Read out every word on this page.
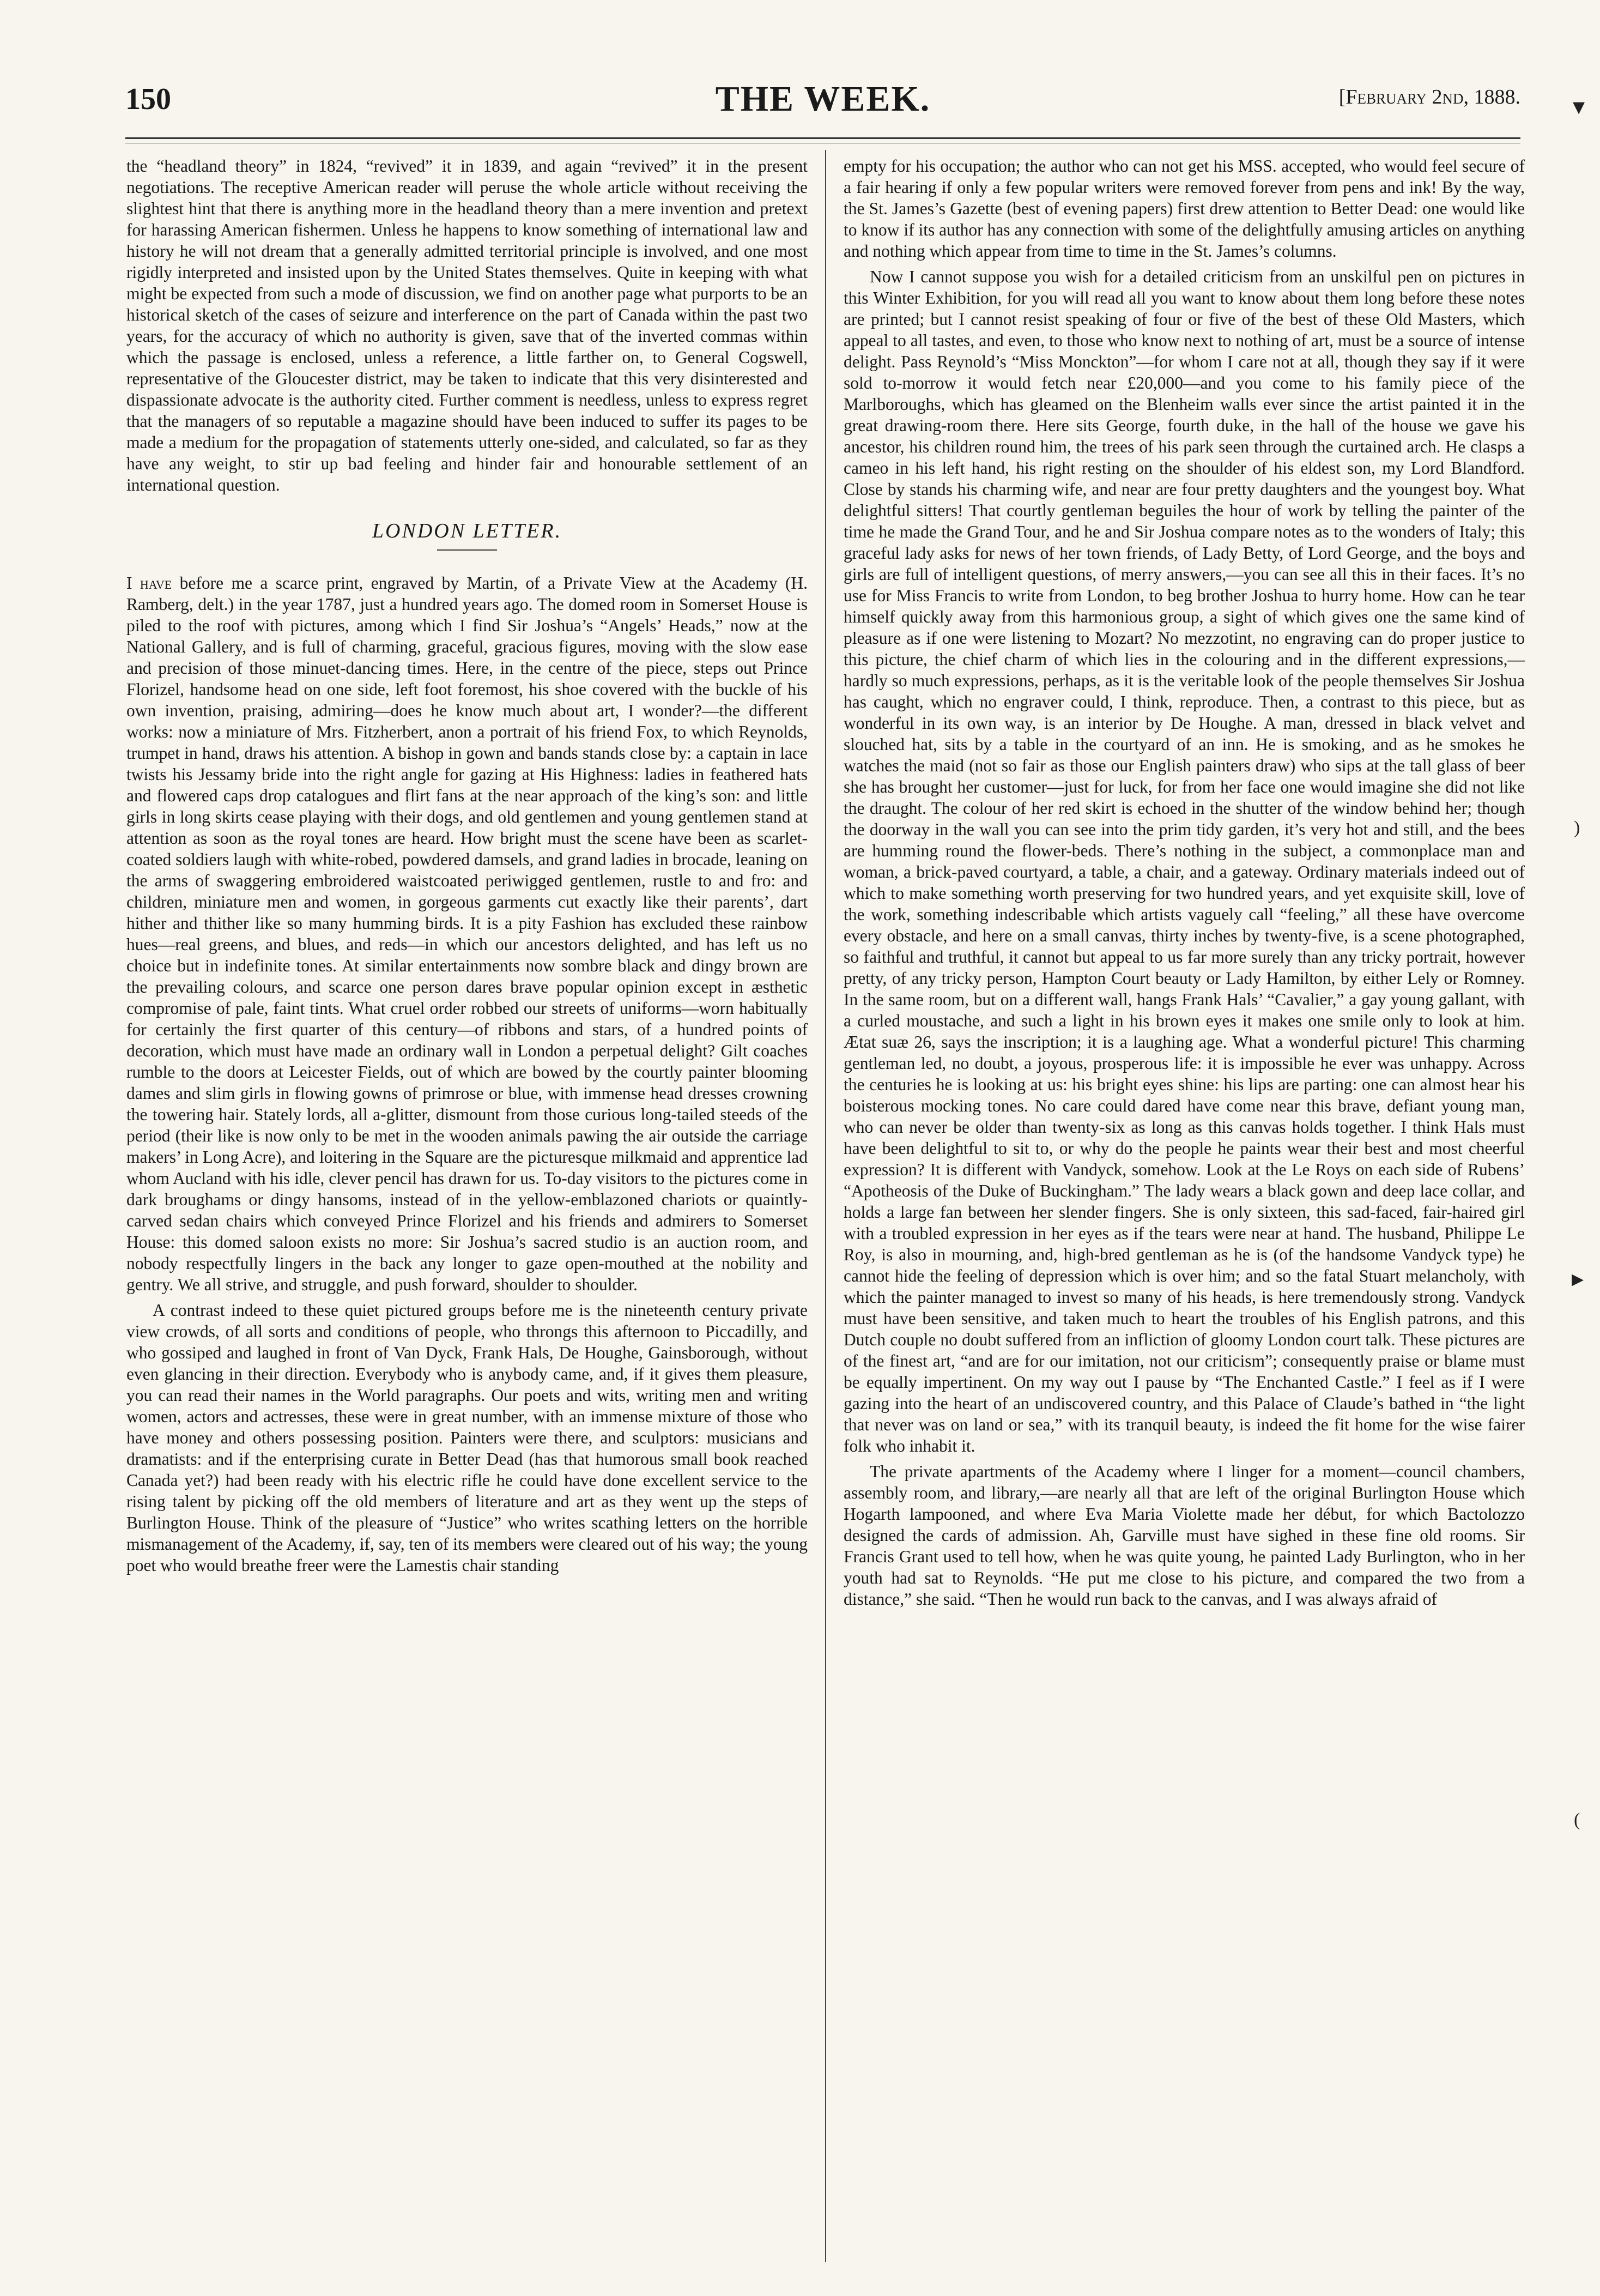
150	THE WEEK.	[February 2nd, 1888.

the “headland theory” in 1824, “revived” it in 1839, and again “revived” it in the present negotiations. The receptive American reader will peruse the whole article without receiving the slightest hint that there is anything more in the headland theory than a mere invention and pretext for harassing American fishermen. Unless he happens to know something of international law and history he will not dream that a generally admitted territorial principle is involved, and one most rigidly interpreted and insisted upon by the United States themselves. Quite in keeping with what might be expected from such a mode of discussion, we find on another page what purports to be an historical sketch of the cases of seizure and interference on the part of Canada within the past two years, for the accuracy of which no authority is given, save that of the inverted commas within which the passage is enclosed, unless a reference, a little farther on, to General Cogswell, representative of the Gloucester district, may be taken to indicate that this very disinterested and dispassionate advocate is the authority cited. Further comment is needless, unless to express regret that the managers of so reputable a magazine should have been induced to suffer its pages to be made a medium for the propagation of statements utterly one-sided, and calculated, so far as they have any weight, to stir up bad feeling and hinder fair and honourable settlement of an international question.

LONDON LETTER.

I have before me a scarce print, engraved by Martin, of a Private View at the Academy (H. Ramberg, delt.) in the year 1787, just a hundred years ago. The domed room in Somerset House is piled to the roof with pictures, among which I find Sir Joshua’s “Angels’ Heads,” now at the National Gallery, and is full of charming, graceful, gracious figures, moving with the slow ease and precision of those minuet-dancing times. Here, in the centre of the piece, steps out Prince Florizel, handsome head on one side, left foot foremost, his shoe covered with the buckle of his own invention, praising, admiring—does he know much about art, I wonder?—the different works: now a miniature of Mrs. Fitzherbert, anon a portrait of his friend Fox, to which Reynolds, trumpet in hand, draws his attention. A bishop in gown and bands stands close by: a captain in lace twists his Jessamy bride into the right angle for gazing at His Highness: ladies in feathered hats and flowered caps drop catalogues and flirt fans at the near approach of the king’s son: and little girls in long skirts cease playing with their dogs, and old gentlemen and young gentlemen stand at attention as soon as the royal tones are heard. How bright must the scene have been as scarlet-coated soldiers laugh with white-robed, powdered damsels, and grand ladies in brocade, leaning on the arms of swaggering embroidered waistcoated periwigged gentlemen, rustle to and fro: and children, miniature men and women, in gorgeous garments cut exactly like their parents’, dart hither and thither like so many humming birds. It is a pity Fashion has excluded these rainbow hues—real greens, and blues, and reds—in which our ancestors delighted, and has left us no choice but in indefinite tones. At similar entertainments now sombre black and dingy brown are the prevailing colours, and scarce one person dares brave popular opinion except in æsthetic compromise of pale, faint tints. What cruel order robbed our streets of uniforms—worn habitually for certainly the first quarter of this century—of ribbons and stars, of a hundred points of decoration, which must have made an ordinary wall in London a perpetual delight? Gilt coaches rumble to the doors at Leicester Fields, out of which are bowed by the courtly painter blooming dames and slim girls in flowing gowns of primrose or blue, with immense head dresses crowning the towering hair. Stately lords, all a-glitter, dismount from those curious long-tailed steeds of the period (their like is now only to be met in the wooden animals pawing the air outside the carriage makers’ in Long Acre), and loitering in the Square are the picturesque milkmaid and apprentice lad whom Aucland with his idle, clever pencil has drawn for us. To-day visitors to the pictures come in dark broughams or dingy hansoms, instead of in the yellow-emblazoned chariots or quaintly-carved sedan chairs which conveyed Prince Florizel and his friends and admirers to Somerset House: this domed saloon exists no more: Sir Joshua’s sacred studio is an auction room, and nobody respectfully lingers in the back any longer to gaze open-mouthed at the nobility and gentry. We all strive, and struggle, and push forward, shoulder to shoulder.

A contrast indeed to these quiet pictured groups before me is the nineteenth century private view crowds, of all sorts and conditions of people, who throngs this afternoon to Piccadilly, and who gossiped and laughed in front of Van Dyck, Frank Hals, De Houghe, Gainsborough, without even glancing in their direction. Everybody who is anybody came, and, if it gives them pleasure, you can read their names in the World paragraphs. Our poets and wits, writing men and writing women, actors and actresses, these were in great number, with an immense mixture of those who have money and others possessing position. Painters were there, and sculptors: musicians and dramatists: and if the enterprising curate in Better Dead (has that humorous small book reached Canada yet?) had been ready with his electric rifle he could have done excellent service to the rising talent by picking off the old members of literature and art as they went up the steps of Burlington House. Think of the pleasure of “Justice” who writes scathing letters on the horrible mismanagement of the Academy, if, say, ten of its members were cleared out of his way; the young poet who would breathe freer were the Lamestis chair standing

empty for his occupation; the author who can not get his MSS. accepted, who would feel secure of a fair hearing if only a few popular writers were removed forever from pens and ink! By the way, the St. James’s Gazette (best of evening papers) first drew attention to Better Dead: one would like to know if its author has any connection with some of the delightfully amusing articles on anything and nothing which appear from time to time in the St. James’s columns.

Now I cannot suppose you wish for a detailed criticism from an unskilful pen on pictures in this Winter Exhibition, for you will read all you want to know about them long before these notes are printed; but I cannot resist speaking of four or five of the best of these Old Masters, which appeal to all tastes, and even, to those who know next to nothing of art, must be a source of intense delight. Pass Reynold’s “Miss Monckton”—for whom I care not at all, though they say if it were sold to-morrow it would fetch near £20,000—and you come to his family piece of the Marlboroughs, which has gleamed on the Blenheim walls ever since the artist painted it in the great drawing-room there. Here sits George, fourth duke, in the hall of the house we gave his ancestor, his children round him, the trees of his park seen through the curtained arch. He clasps a cameo in his left hand, his right resting on the shoulder of his eldest son, my Lord Blandford. Close by stands his charming wife, and near are four pretty daughters and the youngest boy. What delightful sitters! That courtly gentleman beguiles the hour of work by telling the painter of the time he made the Grand Tour, and he and Sir Joshua compare notes as to the wonders of Italy; this graceful lady asks for news of her town friends, of Lady Betty, of Lord George, and the boys and girls are full of intelligent questions, of merry answers,—you can see all this in their faces. It’s no use for Miss Francis to write from London, to beg brother Joshua to hurry home. How can he tear himself quickly away from this harmonious group, a sight of which gives one the same kind of pleasure as if one were listening to Mozart? No mezzotint, no engraving can do proper justice to this picture, the chief charm of which lies in the colouring and in the different expressions,—hardly so much expressions, perhaps, as it is the veritable look of the people themselves Sir Joshua has caught, which no engraver could, I think, reproduce. Then, a contrast to this piece, but as wonderful in its own way, is an interior by De Houghe. A man, dressed in black velvet and slouched hat, sits by a table in the courtyard of an inn. He is smoking, and as he smokes he watches the maid (not so fair as those our English painters draw) who sips at the tall glass of beer she has brought her customer—just for luck, for from her face one would imagine she did not like the draught. The colour of her red skirt is echoed in the shutter of the window behind her; though the doorway in the wall you can see into the prim tidy garden, it’s very hot and still, and the bees are humming round the flower-beds. There’s nothing in the subject, a commonplace man and woman, a brick-paved courtyard, a table, a chair, and a gateway. Ordinary materials indeed out of which to make something worth preserving for two hundred years, and yet exquisite skill, love of the work, something indescribable which artists vaguely call “feeling,” all these have overcome every obstacle, and here on a small canvas, thirty inches by twenty-five, is a scene photographed, so faithful and truthful, it cannot but appeal to us far more surely than any tricky portrait, however pretty, of any tricky person, Hampton Court beauty or Lady Hamilton, by either Lely or Romney. In the same room, but on a different wall, hangs Frank Hals’ “Cavalier,” a gay young gallant, with a curled moustache, and such a light in his brown eyes it makes one smile only to look at him. Ætat suæ 26, says the inscription; it is a laughing age. What a wonderful picture! This charming gentleman led, no doubt, a joyous, prosperous life: it is impossible he ever was unhappy. Across the centuries he is looking at us: his bright eyes shine: his lips are parting: one can almost hear his boisterous mocking tones. No care could dared have come near this brave, defiant young man, who can never be older than twenty-six as long as this canvas holds together. I think Hals must have been delightful to sit to, or why do the people he paints wear their best and most cheerful expression? It is different with Vandyck, somehow. Look at the Le Roys on each side of Rubens’ “Apotheosis of the Duke of Buckingham.” The lady wears a black gown and deep lace collar, and holds a large fan between her slender fingers. She is only sixteen, this sad-faced, fair-haired girl with a troubled expression in her eyes as if the tears were near at hand. The husband, Philippe Le Roy, is also in mourning, and, high-bred gentleman as he is (of the handsome Vandyck type) he cannot hide the feeling of depression which is over him; and so the fatal Stuart melancholy, with which the painter managed to invest so many of his heads, is here tremendously strong. Vandyck must have been sensitive, and taken much to heart the troubles of his English patrons, and this Dutch couple no doubt suffered from an infliction of gloomy London court talk. These pictures are of the finest art, “and are for our imitation, not our criticism”; consequently praise or blame must be equally impertinent. On my way out I pause by “The Enchanted Castle.” I feel as if I were gazing into the heart of an undiscovered country, and this Palace of Claude’s bathed in “the light that never was on land or sea,” with its tranquil beauty, is indeed the fit home for the wise fairer folk who inhabit it.

The private apartments of the Academy where I linger for a moment—council chambers, assembly room, and library,—are nearly all that are left of the original Burlington House which Hogarth lampooned, and where Eva Maria Violette made her début, for which Bactolozzo designed the cards of admission. Ah, Garville must have sighed in these fine old rooms. Sir Francis Grant used to tell how, when he was quite young, he painted Lady Burlington, who in her youth had sat to Reynolds. “He put me close to his picture, and compared the two from a distance,” she said. “Then he would run back to the canvas, and I was always afraid of

▾
)
▸
(
